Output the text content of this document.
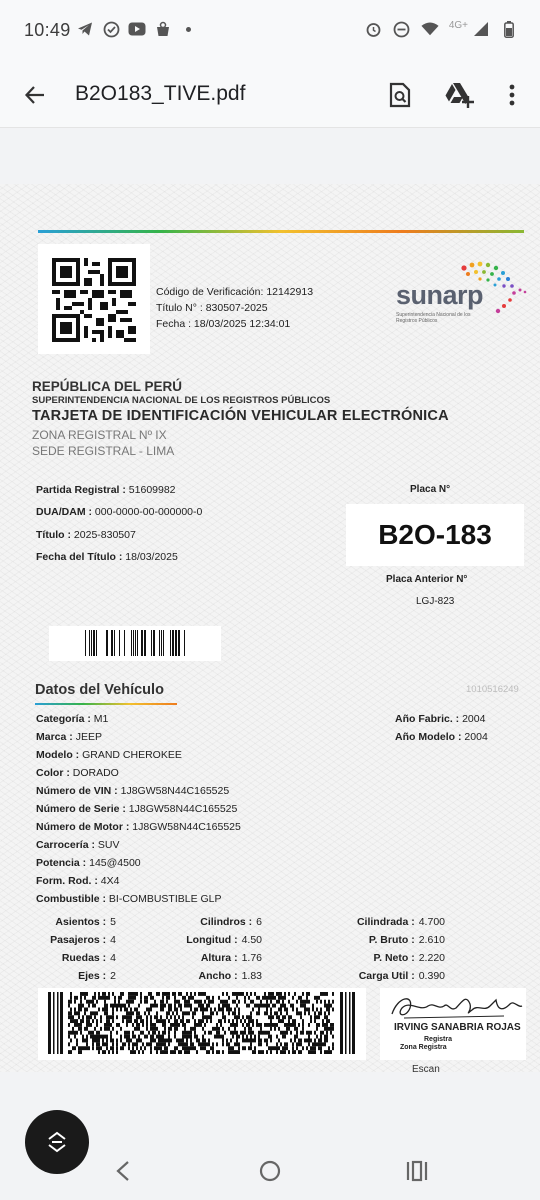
10:49	4G+
B2O183_TIVE.pdf
Código de Verificación: 12142913
Título N° : 830507-2025
Fecha : 18/03/2025 12:34:01
sunarp
Superintendencia Nacional de los Registros Públicos
REPÚBLICA DEL PERÚ
SUPERINTENDENCIA NACIONAL DE LOS REGISTROS PÚBLICOS
TARJETA DE IDENTIFICACIÓN VEHICULAR ELECTRÓNICA
ZONA REGISTRAL Nº IX
SEDE REGISTRAL - LIMA
Partida Registral : 51609982
DUA/DAM : 000-0000-00-000000-0
Título : 2025-830507
Fecha del Título : 18/03/2025
Placa N°
B2O-183
Placa Anterior N°
LGJ-823
Datos del Vehículo	1010516249
Categoría : M1
Marca : JEEP
Modelo : GRAND CHEROKEE
Color : DORADO
Número de VIN : 1J8GW58N44C165525
Número de Serie : 1J8GW58N44C165525
Número de Motor : 1J8GW58N44C165525
Carrocería : SUV
Potencia : 145@4500
Form. Rod. : 4X4
Combustible : BI-COMBUSTIBLE GLP
Año Fabric. : 2004
Año Modelo : 2004
Asientos : 5
Pasajeros : 4
Ruedas : 4
Ejes : 2
Cilindros : 6
Longitud : 4.50
Altura : 1.76
Ancho : 1.83
Cilindrada : 4.700
P. Bruto : 2.610
P. Neto : 2.220
Carga Util : 0.390
IRVING SANABRIA ROJAS
Registra
Zona Registra
Escan
